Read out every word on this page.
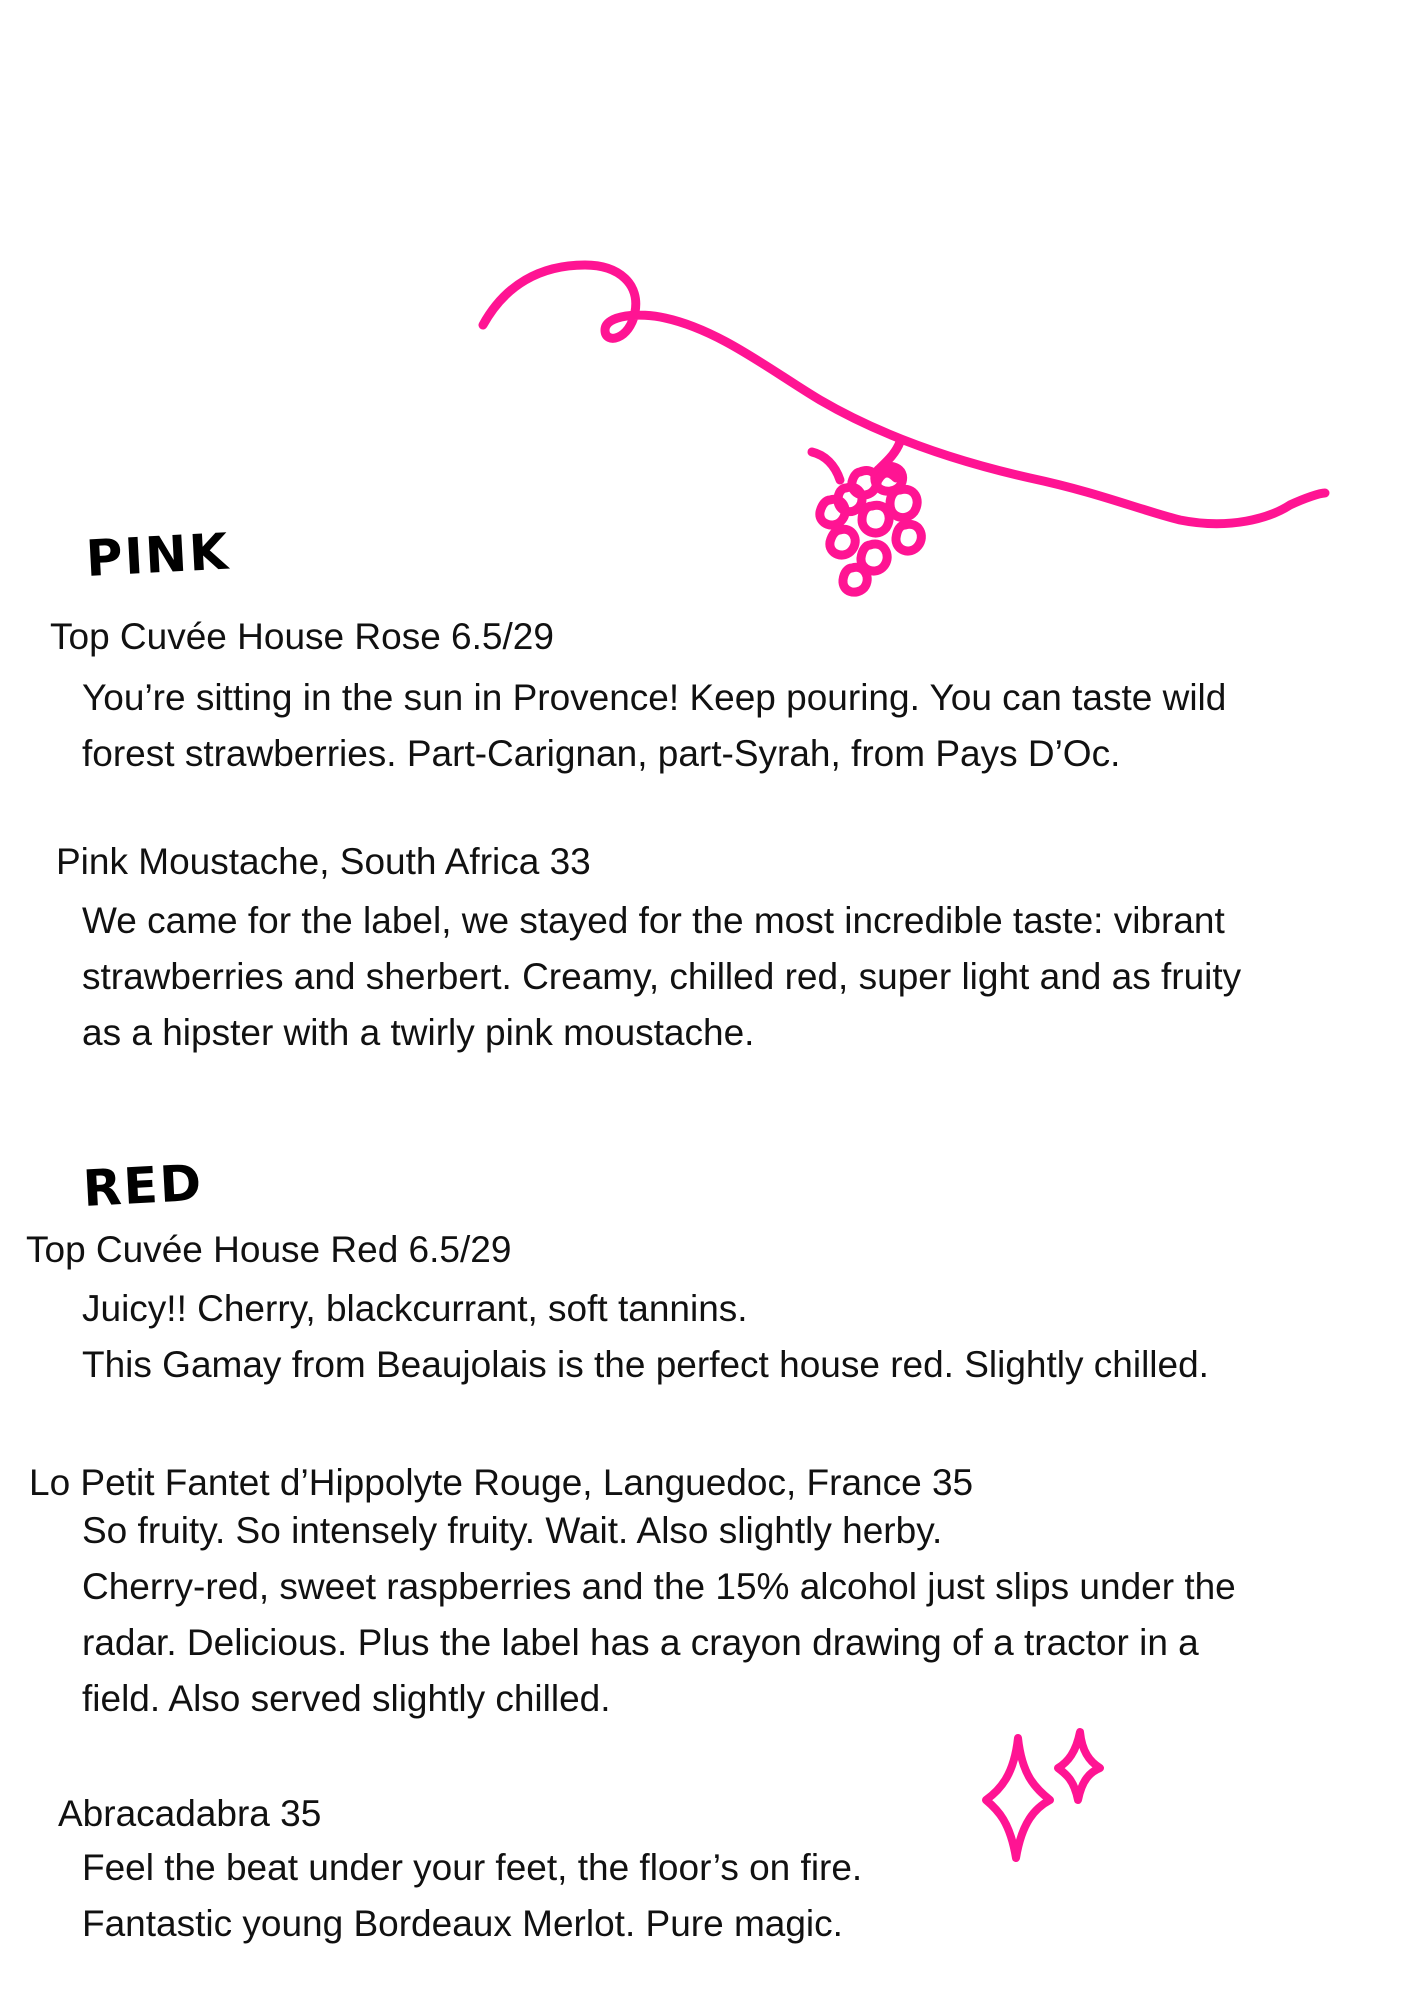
PINK
Top Cuvée House Rose 6.5/29

You’re sitting in the sun in Provence! Keep pouring. You can taste wild

forest strawberries. Part-Carignan, part-Syrah, from Pays D’Oc.

Pink Moustache, South Africa 33

We came for the label, we stayed for the most incredible taste: vibrant

strawberries and sherbert. Creamy, chilled red, super light and as fruity

as a hipster with a twirly pink moustache.

RED
Top Cuvée House Red 6.5/29

Juicy!! Cherry, blackcurrant, soft tannins.

This Gamay from Beaujolais is the perfect house red. Slightly chilled.

Lo Petit Fantet d’Hippolyte Rouge, Languedoc, France 35

So fruity. So intensely fruity. Wait. Also slightly herby.

Cherry-red, sweet raspberries and the 15% alcohol just slips under the

radar. Delicious. Plus the label has a crayon drawing of a tractor in a

field. Also served slightly chilled.

Abracadabra 35

Feel the beat under your feet, the floor’s on fire.

Fantastic young Bordeaux Merlot. Pure magic.
